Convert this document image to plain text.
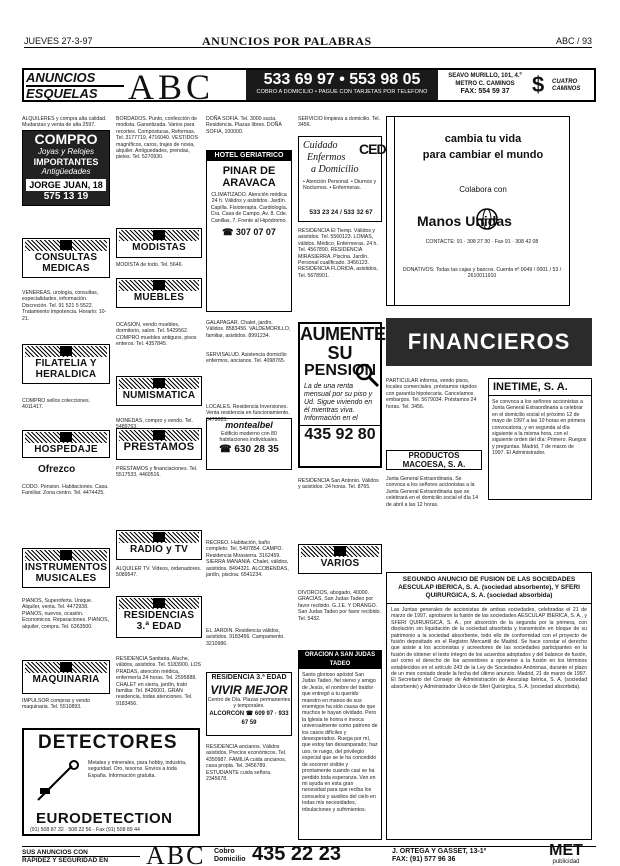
JUEVES 27-3-97	ANUNCIOS POR PALABRAS	ABC / 93
ANUNCIOS
ESQUELAS ABC	533 69 97 • 553 98 05
COBRO A DOMICILIO • PAGUE CON TARJETAS POR TELEFONO
SEAVO MURILLO, 101, 4.º
METRO C. CAMINOS
FAX: 554 59 37	$ CUATRO CAMINOS
ALQUILERES y compra alta calidad. Mudanzas y venta de alta 2597.
COMPRO
Joyas y Relojes
IMPORTANTES
Antigüedades
JORGE JUAN, 18
575 13 19
CONSULTAS MEDICAS
VENEREAS, urología, consultas, especialidades, información. Discreción. Tel. 91 521 5 5522. Tratamiento impotencia. Horario: 10-21.
FILATELIA Y HERALDICA
COMPRO sellos colecciones. 4011417.
HOSPEDAJE
Ofrezco
CODO. Pension. Habitaciones. Casa. Familiar. Zona centro. Tel. 4474425.
INSTRUMENTOS MUSICALES
PIANOS, Superoferta. Unique. Alquiler, venta. Tel. 4472938. PIANOS, nuevos, ocasión. Economicos. Reparaciones. PIANOS, alquiler, compra. Tel. 6363500.
MAQUINARIA
IMPULSOR compras y vendo maquinaria. Tel. 5510893.
DETECTORES
Metales y minerales, para hobby, industria, seguridad. Oro, tesoros. Envíos a toda España. Información gratuita.
EURODETECTION
(91) 508 87 32 · 508 22 56 · Fax (91) 508 89 44
BORDADOS. Punto, confección de modista. Garantizada. Varios para recortes. Composturas, Reformas. Tel. 3177719, 4716040. VESTIDOS magníficos, caros, trajes de novia, alquiler. Antiguedades, prendas, pieles. Tel. 5270930.
MODISTAS
MODISTA de todo. Tel. 5646.
MUEBLES
OCASION, vendo muebles, dormitorio, salon. Tel. 5429562. COMPRO muebles antiguos, pisos enteros. Tel. 4357845.
NUMISMATICA
MONEDAS, compro y vendo. Tel.
PRESTAMOS
PRESTAMOS y financiaciones. Tel. 5517533, 4460516.
RADIO y TV
ALQUILER TV. Videos, ordenadores. 5089547.
RESIDENCIAS 3.ª EDAD
RESIDENCIA Sanitaria, Aluche, válidos, asistidos. Tel. 5183900. LOS PRADAS, atención médica, enfermería 24 horas. Tel. 2595888. CHALET en sierra, jardín, trato familiar. Tel. 8426001. GRAN residencia, todas atenciones. Tel. 9183456.
DOÑA SOFIA. Tel. 3000 sucia. Residencia. Plazas libres. DOÑA SOFIA, 100000.
HOTEL GERIATRICO
PINAR DE ARAVACA
CLIMATIZADO. Atención médica 24 h. Válidos y asistidos. Jardín. Capilla. Fisioterapia. Cardiología. Cra. Casa de Campo. Av. 8. Cde. Canillas, 7. Frente al Hipódromo.
☎ 307 07 07
GALAPAGAR. Chalet, jardín. Válidos. 8583456. VALDEMORILLO, familiar, asistidos. 8991234.
SERVISALUD. Asistencia domicilio enfermos, ancianos. Tel. 4098765.
LOCALES. Residencia Inversiones. Venta residencia en funcionamiento. 3479023.
montealbel
Edificio moderno con 80 habitaciones individuales.
☎ 630 28 35
RECREO. Habitación, baño completo. Tel. 5497854. CAMPO. Residencia Mirasierra. 3162459. SIERRA MANANIA. Chalet, válidos, asistidos. 8494321. ALCOBENDAS, jardín, piscina. 6541234.
EL JARDIN. Residencia válidos, asistidos. 9183456. Campamento. 3210986.
RESIDENCIA 3.ª EDAD
VIVIR MEJOR
Centro de Día. Plazas permanentes y temporales.
ALCORCON ☎ 609 97 · 933 67 59
RESIDENCIA ancianos. Válidos asistidos. Precios económicos. Tel. 4350987. FAMILIA cuida ancianos, casa propia. Tel. 3456789. ESTUDIANTE cuida señora. 2345678.
SERVICIO limpieza a domicilio. Tel. 3456.
Cuidado
Enfermos
a Domicilio
CED
• Atención Personal. • Diurnos y Nocturnos. • Enfermeras.
533 23 24 / 533 32 67
RESIDENCIA El Tiemp. Válidos y asistidos. Tel. 5560123. LOMAS, válidos. Médico, Enfermeras. 24 h. Tel. 4567890. RESIDENCIA MIRASIERRA. Piscina. Jardín. Personal cualificado. 3456123. RESIDENCIA FLORIDA, asistidos, Tel. 5678901.
AUMENTE
SU
PENSION
La de una renta mensual por su piso y Ud. Sigue viviendo en él mientras viva. Información en el
435 92 80
RESIDENCIA San Antonio. Válidos y asistidos. 24 horas. Tel. 8765.
VARIOS
DIVORCIOS, abogado, 40000. GRACIAS, San Judas Tadeo por favor recibido. G.J.E. Y ORANGO. San Judas Tadeo por favor recibido. Tel. 5432.
ORACION A SAN JUDAS TADEO
Santo glorioso apóstol San Judas Tadeo, fiel siervo y amigo de Jesús, el nombre del traidor que entregó a tu querido maestro en manos de sus enemigos ha sido causa de que muchos te hayan olvidado. Pero la Iglesia te honra e invoca universalmente como patrono de los casos difíciles y desesperados. Ruega por mí, que estoy tan desamparado; haz uso, te ruego, del privilegio especial que se te ha concedido de socorrer visible y prontamente cuando casi se ha perdido toda esperanza. Ven en mi ayuda en esta gran necesidad para que reciba los consuelos y auxilios del cielo en todas mis necesidades, tribulaciones y sufrimientos.
cambia tu vida
para cambiar el mundo
Colabora con
Manos Unidas
CONTACTE: 91 · 308 27 30 · Fax 91 · 308 42 08
DONATIVOS: Todas las cajas y bancos. Cuenta nº 0049 / 0001 / 53 / 2610011910
FINANCIEROS
PARTICULAR informa, vendo pisos, locales comerciales, préstamos rápidos con garantía hipotecaria. Cancelamos embargos. Tel. 5679034. Préstamos 24 horas. Tel. 3456.
PRODUCTOS MACOESA, S. A.
Junta General Extraordinaria. Se convoca a los señores accionistas a la Junta General Extraordinaria que se celebrará en el domicilio social el día 14 de abril a las 12 horas.
INETIME, S. A.
Se convoca a los señores accionistas a Junta General Extraordinaria a celebrar en el domicilio social el próximo 12 de mayo de 1997 a las 10 horas en primera convocatoria, y en segunda al día siguiente a la misma hora, con el siguiente orden del día: Primero. Ruegos y preguntas. Madrid, 7 de marzo de 1997. El Administrador.
SEGUNDO ANUNCIO DE FUSION DE LAS SOCIEDADES AESCULAP IBERICA, S. A. (sociedad absorbente), Y SFERI QUIRURGICA, S. A. (sociedad absorbida)
Las Juntas generales de accionistas de ambas sociedades, celebradas el 21 de marzo de 1997, aprobaron la fusión de las sociedades AESCULAP IBERICA, S. A., y SFERI QUIRURGICA, S. A., por absorción de la segunda por la primera, con disolución sin liquidación de la sociedad absorbida y transmisión en bloque de su patrimonio a la sociedad absorbente, todo ello de conformidad con el proyecto de fusión depositado en el Registro Mercantil de Madrid. Se hace constar el derecho que asiste a los accionistas y acreedores de las sociedades participantes en la fusión de obtener el texto íntegro de los acuerdos adoptados y del balance de fusión, así como el derecho de los acreedores a oponerse a la fusión en los términos establecidos en el artículo 243 de la Ley de Sociedades Anónimas, durante el plazo de un mes contado desde la fecha del último anuncio. Madrid, 21 de marzo de 1997. El Secretario del Consejo de Administración de Aesculap Ibérica, S. A. (sociedad absorbente) y Administrador Único de Sferi Quirúrgica, S. A. (sociedad absorbida).
SUS ANUNCIOS CON
RAPIDEZ Y SEGURIDAD EN	ABC Cobro
Domicilio 435 22 23	J. ORTEGA Y GASSET, 13-1º
FAX: (91) 577 96 36
MET
publicidad
